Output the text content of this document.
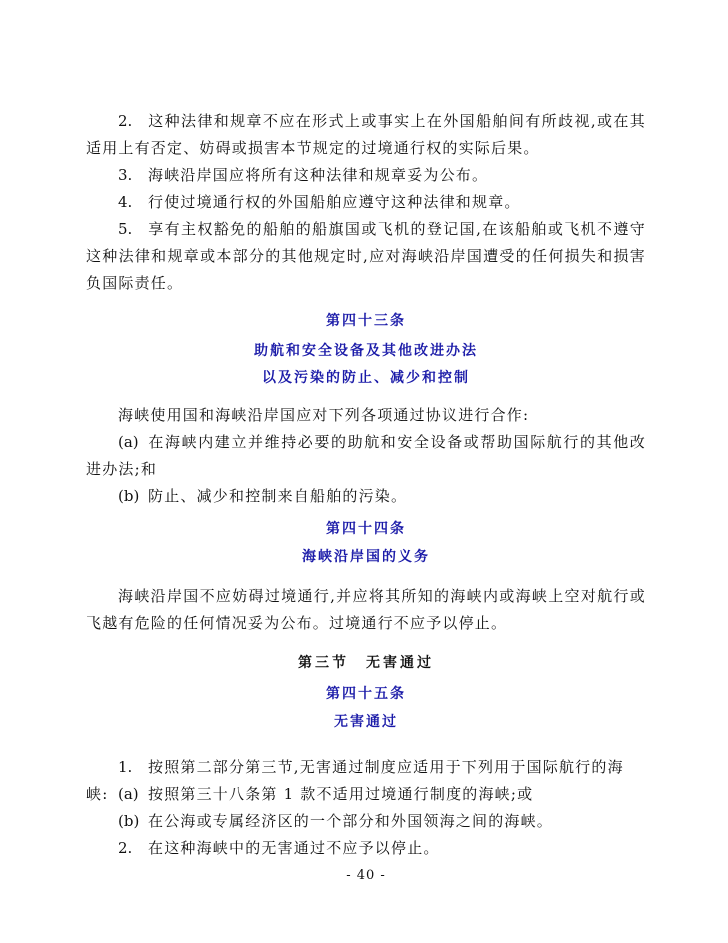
2. 这种法律和规章不应在形式上或事实上在外国船舶间有所歧视,或在其适用上有否定、妨碍或损害本节规定的过境通行权的实际后果。

3. 海峡沿岸国应将所有这种法律和规章妥为公布。

4. 行使过境通行权的外国船舶应遵守这种法律和规章。

5. 享有主权豁免的船舶的船旗国或飞机的登记国,在该船舶或飞机不遵守这种法律和规章或本部分的其他规定时,应对海峡沿岸国遭受的任何损失和损害负国际责任。

第四十三条

助航和安全设备及其他改进办法

以及污染的防止、减少和控制

海峡使用国和海峡沿岸国应对下列各项通过协议进行合作:

(a) 在海峡内建立并维持必要的助航和安全设备或帮助国际航行的其他改进办法;和

(b) 防止、减少和控制来自船舶的污染。

第四十四条

海峡沿岸国的义务

海峡沿岸国不应妨碍过境通行,并应将其所知的海峡内或海峡上空对航行或飞越有危险的任何情况妥为公布。过境通行不应予以停止。

第三节　无害通过

第四十五条

无害通过

1. 按照第二部分第三节,无害通过制度应适用于下列用于国际航行的海峡: (a) 按照第三十八条第 1 款不适用过境通行制度的海峡;或

(b) 在公海或专属经济区的一个部分和外国领海之间的海峡。

2. 在这种海峡中的无害通过不应予以停止。

- 40 -
